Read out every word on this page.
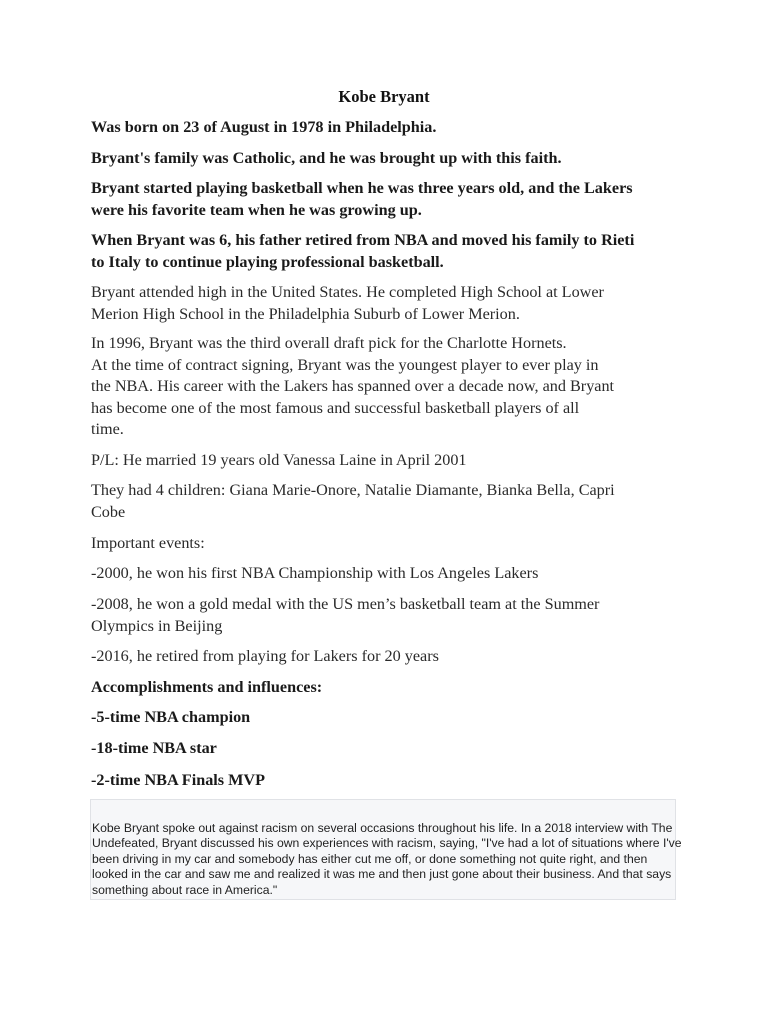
Kobe Bryant

Was born on 23 of August in 1978 in Philadelphia.

Bryant's family was Catholic, and he was brought up with this faith.

Bryant started playing basketball when he was three years old, and the Lakers
were his favorite team when he was growing up.

When Bryant was 6, his father retired from NBA and moved his family to Rieti
to Italy to continue playing professional basketball.

Bryant attended high in the United States. He completed High School at Lower
Merion High School in the Philadelphia Suburb of Lower Merion.

In 1996, Bryant was the third overall draft pick for the Charlotte Hornets.
At the time of contract signing, Bryant was the youngest player to ever play in
the NBA. His career with the Lakers has spanned over a decade now, and Bryant
has become one of the most famous and successful basketball players of all
time.

P/L: He married 19 years old Vanessa Laine in April 2001

They had 4 children: Giana Marie-Onore, Natalie Diamante, Bianka Bella, Capri
Cobe

Important events:

-2000, he won his first NBA Championship with Los Angeles Lakers

-2008, he won a gold medal with the US men’s basketball team at the Summer
Olympics in Beijing

-2016, he retired from playing for Lakers for 20 years

Accomplishments and influences:

-5-time NBA champion

-18-time NBA star

-2-time NBA Finals MVP

Kobe Bryant spoke out against racism on several occasions throughout his life. In a 2018 interview with The Undefeated, Bryant discussed his own experiences with racism, saying, "I've had a lot of situations where I've been driving in my car and somebody has either cut me off, or done something not quite right, and then looked in the car and saw me and realized it was me and then just gone about their business. And that says something about race in America."
